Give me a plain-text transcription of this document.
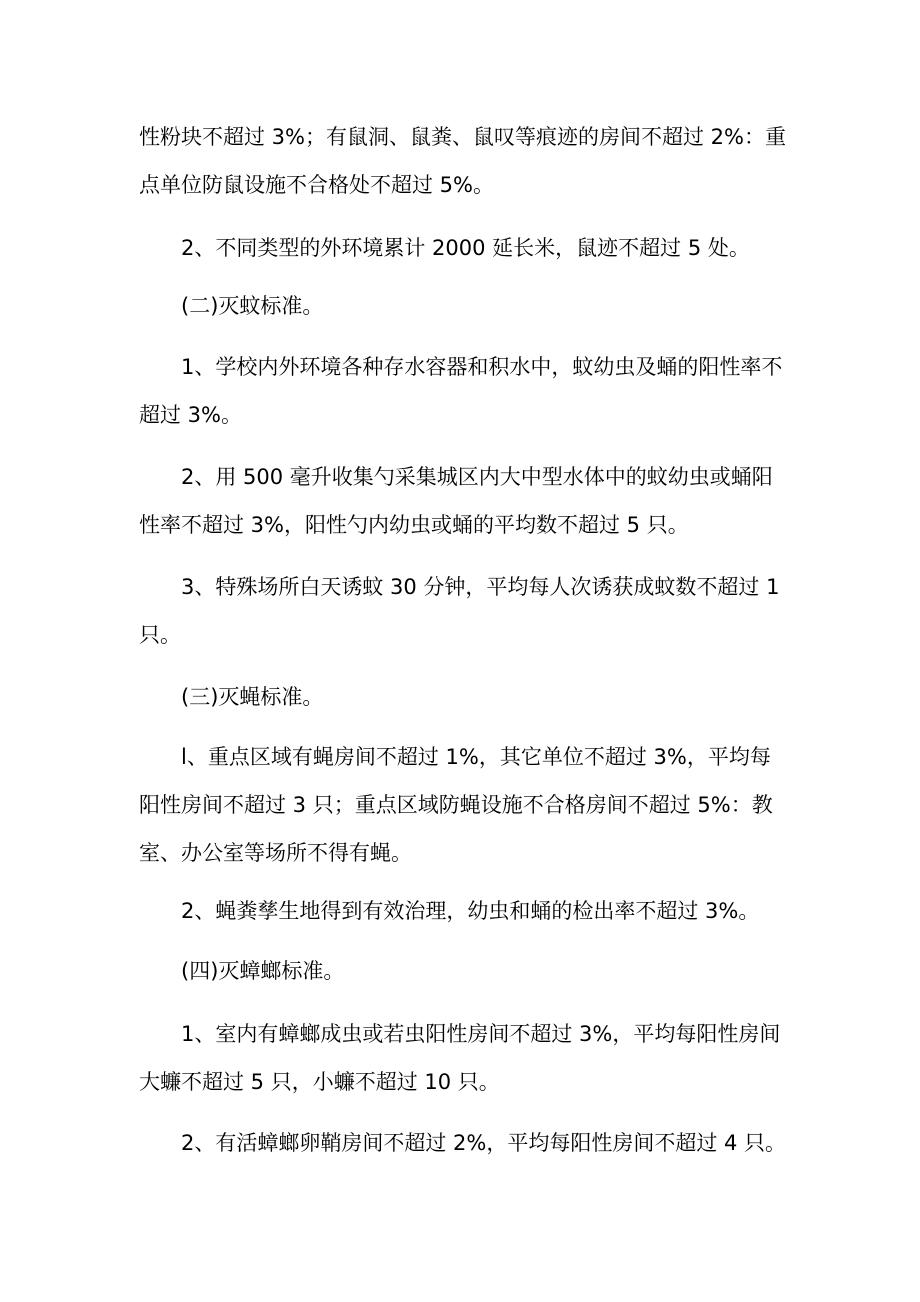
性粉块不超过 3%；有鼠洞、鼠粪、鼠叹等痕迹的房间不超过 2%：重点单位防鼠设施不合格处不超过 5%。

2、不同类型的外环境累计 2000 延长米，鼠迹不超过 5 处。

(二)灭蚊标准。

1、学校内外环境各种存水容器和积水中，蚊幼虫及蛹的阳性率不超过 3%。

2、用 500 毫升收集勺采集城区内大中型水体中的蚊幼虫或蛹阳性率不超过 3%，阳性勺内幼虫或蛹的平均数不超过 5 只。

3、特殊场所白天诱蚊 30 分钟，平均每人次诱获成蚊数不超过 1 只。

(三)灭蝇标准。

l、重点区域有蝇房间不超过 1%，其它单位不超过 3%，平均每阳性房间不超过 3 只；重点区域防蝇设施不合格房间不超过 5%：教室、办公室等场所不得有蝇。

2、蝇粪孳生地得到有效治理，幼虫和蛹的检出率不超过 3%。

(四)灭蟑螂标准。

1、室内有蟑螂成虫或若虫阳性房间不超过 3%，平均每阳性房间大蠊不超过 5 只，小蠊不超过 10 只。

2、有活蟑螂卵鞘房间不超过 2%，平均每阳性房间不超过 4 只。
